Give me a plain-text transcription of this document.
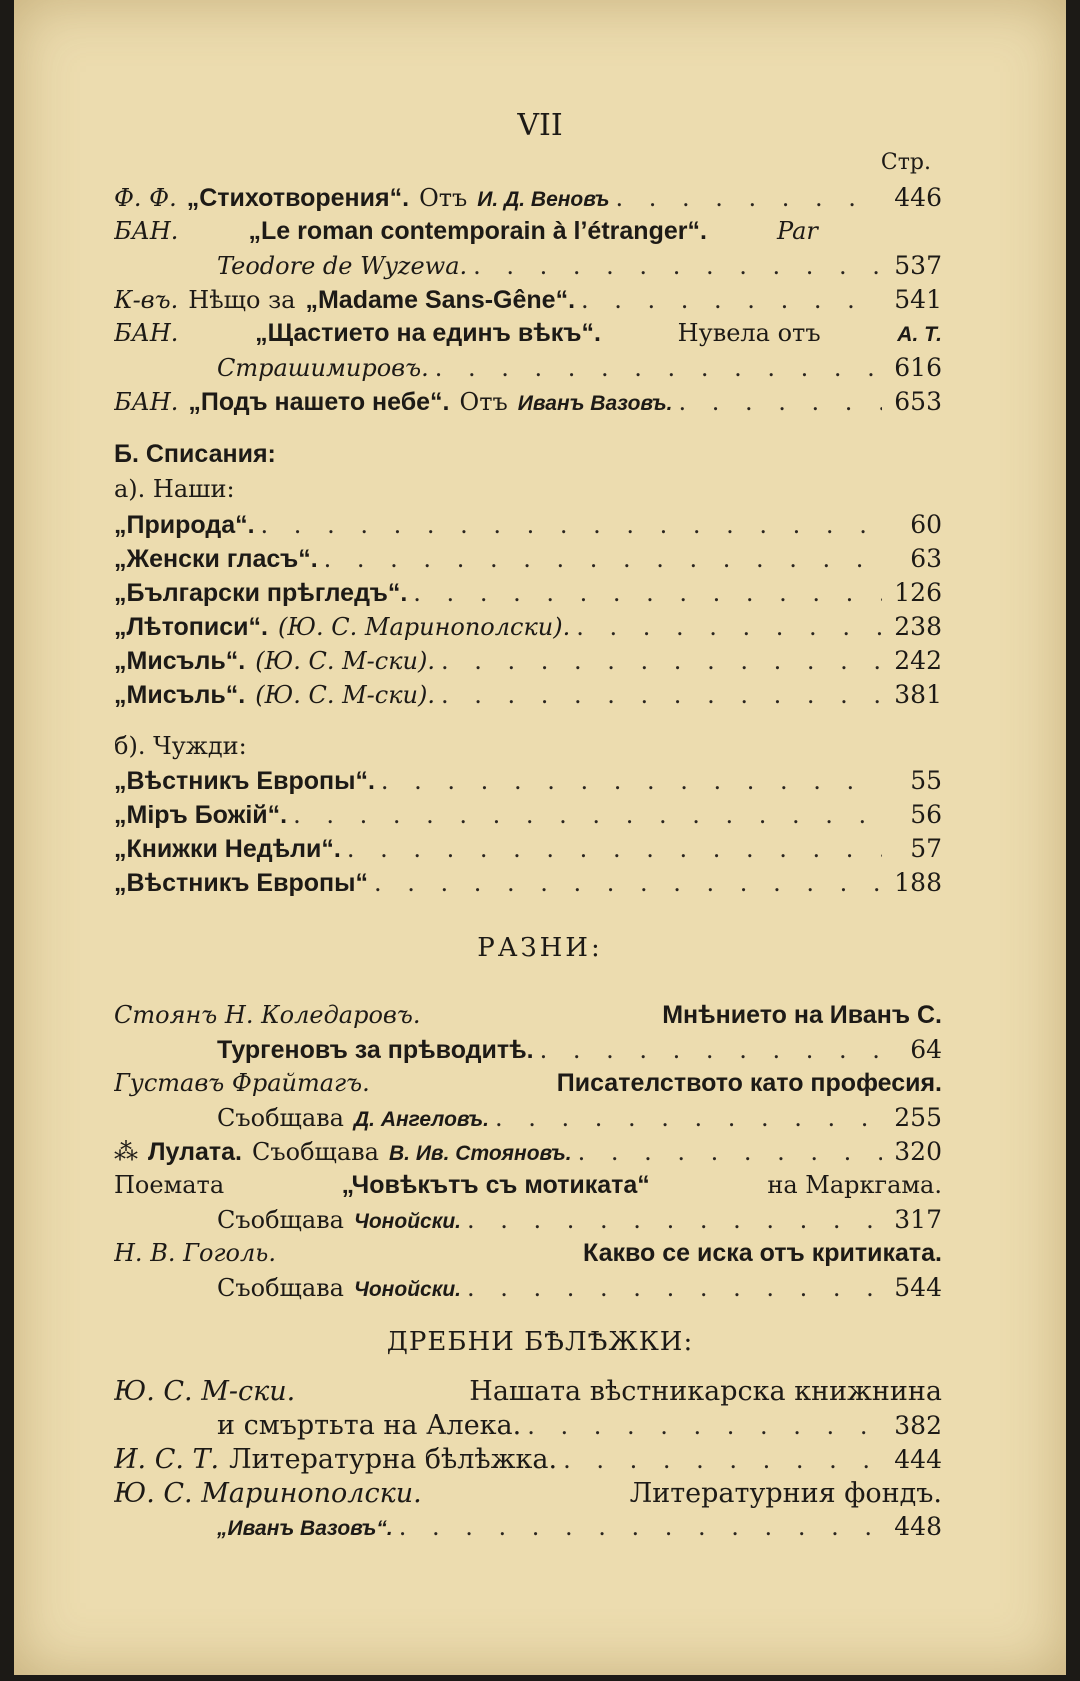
VII
Стр.
Ф. Ф. „Стихотворения“. Отъ И. Д. Веновъ . . .	446
БАН.	„Le roman contemporain à l’étranger“.	Par
Teodore de Wyzewa. . . .	537
К-въ. Нѣщо за „Madame Sans-Gêne“. . . .	541
БАН.	„Щастието на единъ вѣкъ“.	Нувела отъ	А. Т.
Страшимировъ. . . .	616
БАН. „Подъ нашето небе“. Отъ Иванъ Вазовъ. . . .	653
Б. Списания:
а). Наши:
„Природа“. . . .	60
„Женски гласъ“. . . .	63
„Български прѣгледъ“. . . .	126
„Лѣтописи“. (Ю. С. Маринополски). . . .	238
„Мисъль“. (Ю. С. М-ски). . . .	242
„Мисъль“. (Ю. С. М-ски). . . .	381
б). Чужди:
„Вѣстникъ Европы“. . . .	55
„Міръ Божій“. . . .	56
„Книжки Недѣли“. . . .	57
„Вѣстникъ Европы“ . . .	188
РАЗНИ:
Стоянъ Н. Коледаровъ.	Мнѣнието на Иванъ С.
Тургеновъ за прѣводитѣ. . . .	64
Густавъ Фрайтагъ.	Писателството като професия.
Съобщава Д. Ангеловъ. . . .	255
⁂ Лулата. Съобщава В. Ив. Стояновъ. . . .	320
Поемата	„Човѣкътъ съ мотиката“	на Маркгама.
Съобщава Чонойски. . . .	317
Н. В. Гоголь.	Какво се иска отъ критиката.
Съобщава Чонойски. . . .	544
ДРЕБНИ БѢЛѢЖКИ:
Ю. С. М-ски.	Нашата вѣстникарска книжнина
и смъртьта на Алека. . . .	382
И. С. Т. Литературна бѣлѣжка. . . .	444
Ю. С. Маринополски.	Литературния фондъ.
„Иванъ Вазовъ“. . . .	448
